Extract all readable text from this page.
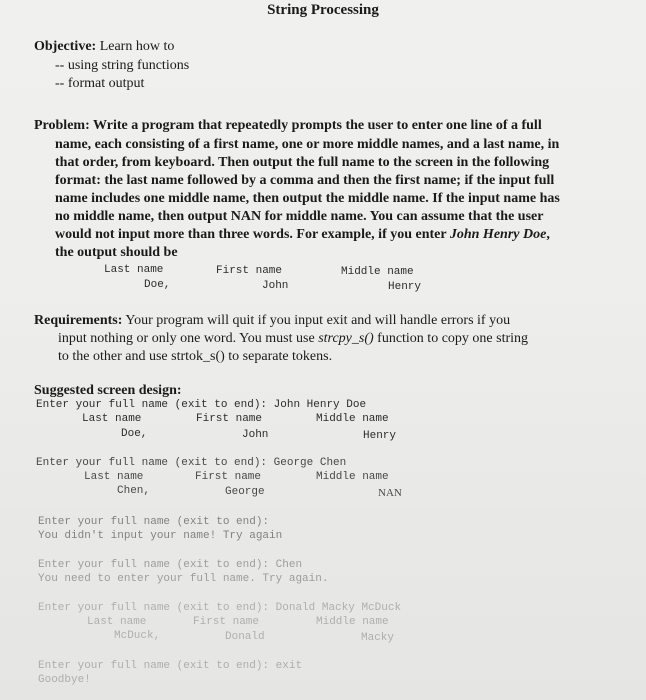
String Processing
Objective: Learn how to
-- using string functions
-- format output
Problem: Write a program that repeatedly prompts the user to enter one line of a full
name, each consisting of a first name, one or more middle names, and a last name, in
that order, from keyboard. Then output the full name to the screen in the following
format: the last name followed by a comma and then the first name; if the input full
name includes one middle name, then output the middle name. If the input name has
no middle name, then output NAN for middle name. You can assume that the user
would not input more than three words. For example, if you enter John Henry Doe,
the output should be
Last name	First name	Middle name
Doe,	John	Henry
Requirements: Your program will quit if you input exit and will handle errors if you
input nothing or only one word. You must use strcpy_s() function to copy one string
to the other and use strtok_s() to separate tokens.
Suggested screen design:
Enter your full name (exit to end): John Henry Doe
Last name	First name	Middle name
Doe,	John	Henry
Enter your full name (exit to end): George Chen
Last name	First name	Middle name
Chen,	George	NAN
Enter your full name (exit to end):
You didn't input your name! Try again
Enter your full name (exit to end): Chen
You need to enter your full name. Try again.
Enter your full name (exit to end): Donald Macky McDuck
Last name	First name	Middle name
McDuck,	Donald	Macky
Enter your full name (exit to end): exit
Goodbye!
